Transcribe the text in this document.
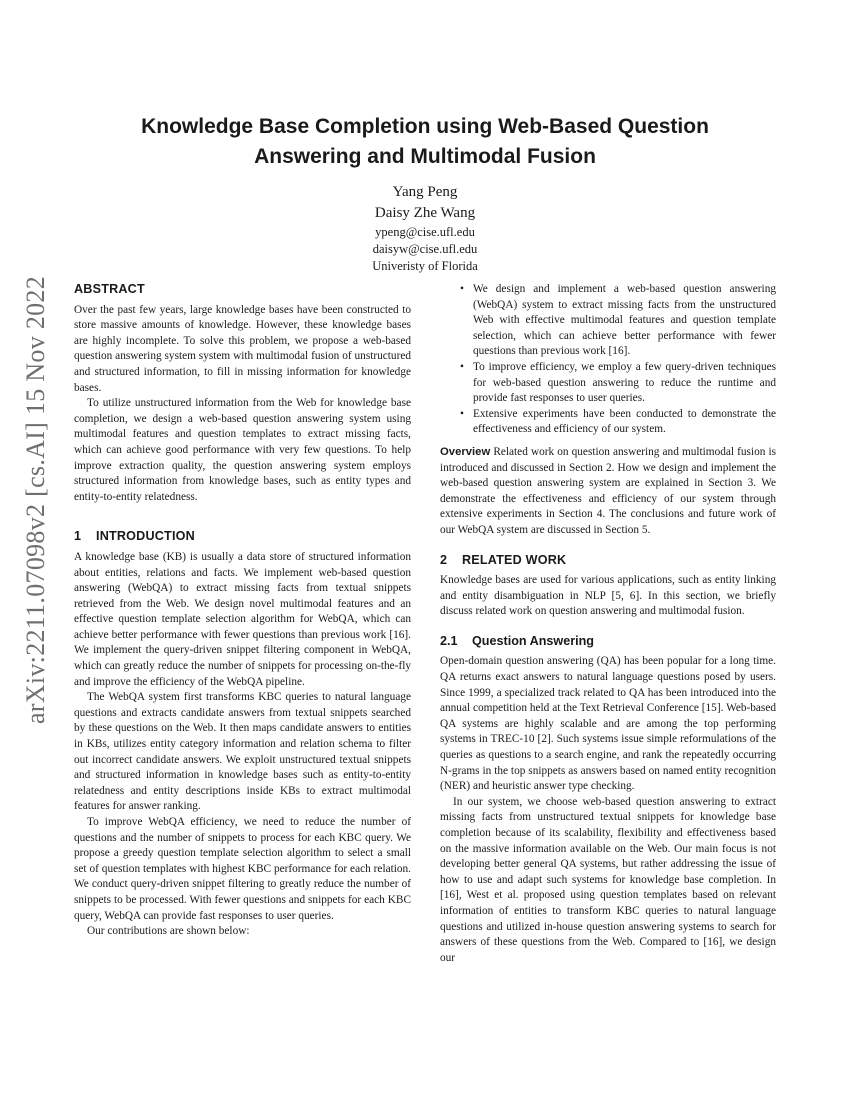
arXiv:2211.07098v2 [cs.AI] 15 Nov 2022
Knowledge Base Completion using Web-Based Question
Answering and Multimodal Fusion
Yang Peng
Daisy Zhe Wang
ypeng@cise.ufl.edu
daisyw@cise.ufl.edu
Univeristy of Florida
ABSTRACT

Over the past few years, large knowledge bases have been constructed to store massive amounts of knowledge. However, these knowledge bases are highly incomplete. To solve this problem, we propose a web-based question answering system system with multimodal fusion of unstructured and structured information, to fill in missing information for knowledge bases.

To utilize unstructured information from the Web for knowledge base completion, we design a web-based question answering system using multimodal features and question templates to extract missing facts, which can achieve good performance with very few questions. To help improve extraction quality, the question answering system employs structured information from knowledge bases, such as entity types and entity-to-entity relatedness.

1 INTRODUCTION

A knowledge base (KB) is usually a data store of structured information about entities, relations and facts. We implement web-based question answering (WebQA) to extract missing facts from textual snippets retrieved from the Web. We design novel multimodal features and an effective question template selection algorithm for WebQA, which can achieve better performance with fewer questions than previous work [16]. We implement the query-driven snippet filtering component in WebQA, which can greatly reduce the number of snippets for processing on-the-fly and improve the efficiency of the WebQA pipeline.

The WebQA system first transforms KBC queries to natural language questions and extracts candidate answers from textual snippets searched by these questions on the Web. It then maps candidate answers to entities in KBs, utilizes entity category information and relation schema to filter out incorrect candidate answers. We exploit unstructured textual snippets and structured information in knowledge bases such as entity-to-entity relatedness and entity descriptions inside KBs to extract multimodal features for answer ranking.

To improve WebQA efficiency, we need to reduce the number of questions and the number of snippets to process for each KBC query. We propose a greedy question template selection algorithm to select a small set of question templates with highest KBC performance for each relation. We conduct query-driven snippet filtering to greatly reduce the number of snippets to be processed. With fewer questions and snippets for each KBC query, WebQA can provide fast responses to user queries.

Our contributions are shown below:

• We design and implement a web-based question answering (WebQA) system to extract missing facts from the unstructured Web with effective multimodal features and question template selection, which can achieve better performance with fewer questions than previous work [16].
• To improve efficiency, we employ a few query-driven techniques for web-based question answering to reduce the runtime and provide fast responses to user queries.
• Extensive experiments have been conducted to demonstrate the effectiveness and efficiency of our system.

Overview Related work on question answering and multimodal fusion is introduced and discussed in Section 2. How we design and implement the web-based question answering system are explained in Section 3. We demonstrate the effectiveness and efficiency of our system through extensive experiments in Section 4. The conclusions and future work of our WebQA system are discussed in Section 5.

2 RELATED WORK

Knowledge bases are used for various applications, such as entity linking and entity disambiguation in NLP [5, 6]. In this section, we briefly discuss related work on question answering and multimodal fusion.

2.1 Question Answering

Open-domain question answering (QA) has been popular for a long time. QA returns exact answers to natural language questions posed by users. Since 1999, a specialized track related to QA has been introduced into the annual competition held at the Text Retrieval Conference [15]. Web-based QA systems are highly scalable and are among the top performing systems in TREC-10 [2]. Such systems issue simple reformulations of the queries as questions to a search engine, and rank the repeatedly occurring N-grams in the top snippets as answers based on named entity recognition (NER) and heuristic answer type checking.

In our system, we choose web-based question answering to extract missing facts from unstructured textual snippets for knowledge base completion because of its scalability, flexibility and effectiveness based on the massive information available on the Web. Our main focus is not developing better general QA systems, but rather addressing the issue of how to use and adapt such systems for knowledge base completion. In [16], West et al. proposed using question templates based on relevant information of entities to transform KBC queries to natural language questions and utilized in-house question answering systems to search for answers of these questions from the Web. Compared to [16], we design our
